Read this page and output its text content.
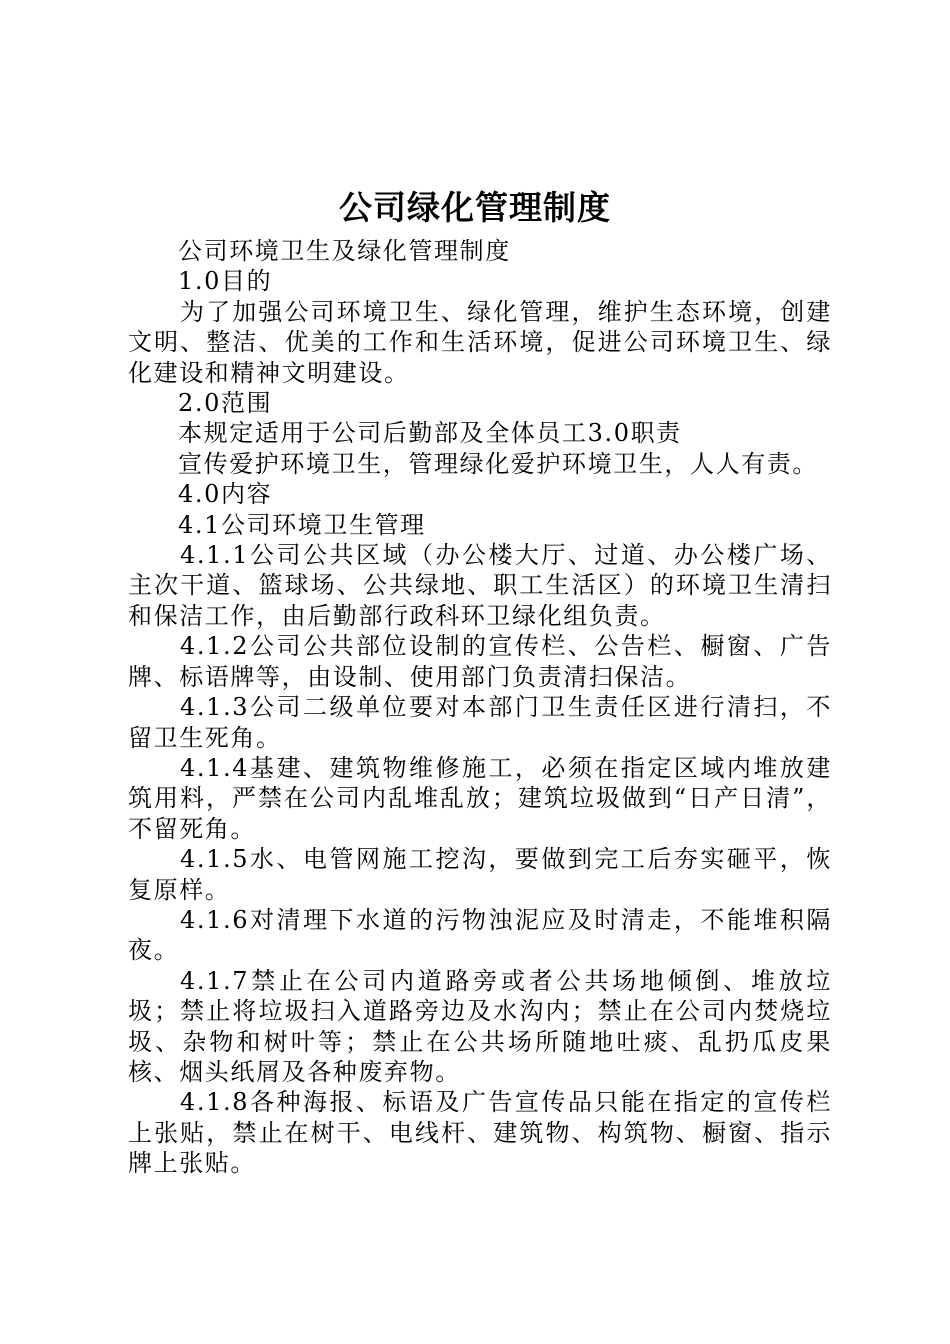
公司绿化管理制度

公司环境卫生及绿化管理制度

1.0目的

为了加强公司环境卫生、绿化管理，维护生态环境，创建文明、整洁、优美的工作和生活环境，促进公司环境卫生、绿化建设和精神文明建设。

2.0范围

本规定适用于公司后勤部及全体员工3.0职责

宣传爱护环境卫生，管理绿化爱护环境卫生，人人有责。

4.0内容

4.1公司环境卫生管理

4.1.1公司公共区域（办公楼大厅、过道、办公楼广场、主次干道、篮球场、公共绿地、职工生活区）的环境卫生清扫和保洁工作，由后勤部行政科环卫绿化组负责。

4.1.2公司公共部位设制的宣传栏、公告栏、橱窗、广告牌、标语牌等，由设制、使用部门负责清扫保洁。

4.1.3公司二级单位要对本部门卫生责任区进行清扫，不留卫生死角。

4.1.4基建、建筑物维修施工，必须在指定区域内堆放建筑用料，严禁在公司内乱堆乱放；建筑垃圾做到“日产日清”，不留死角。

4.1.5水、电管网施工挖沟，要做到完工后夯实砸平，恢复原样。

4.1.6对清理下水道的污物浊泥应及时清走，不能堆积隔夜。

4.1.7禁止在公司内道路旁或者公共场地倾倒、堆放垃圾；禁止将垃圾扫入道路旁边及水沟内；禁止在公司内焚烧垃圾、杂物和树叶等；禁止在公共场所随地吐痰、乱扔瓜皮果核、烟头纸屑及各种废弃物。

4.1.8各种海报、标语及广告宣传品只能在指定的宣传栏上张贴，禁止在树干、电线杆、建筑物、构筑物、橱窗、指示牌上张贴。
